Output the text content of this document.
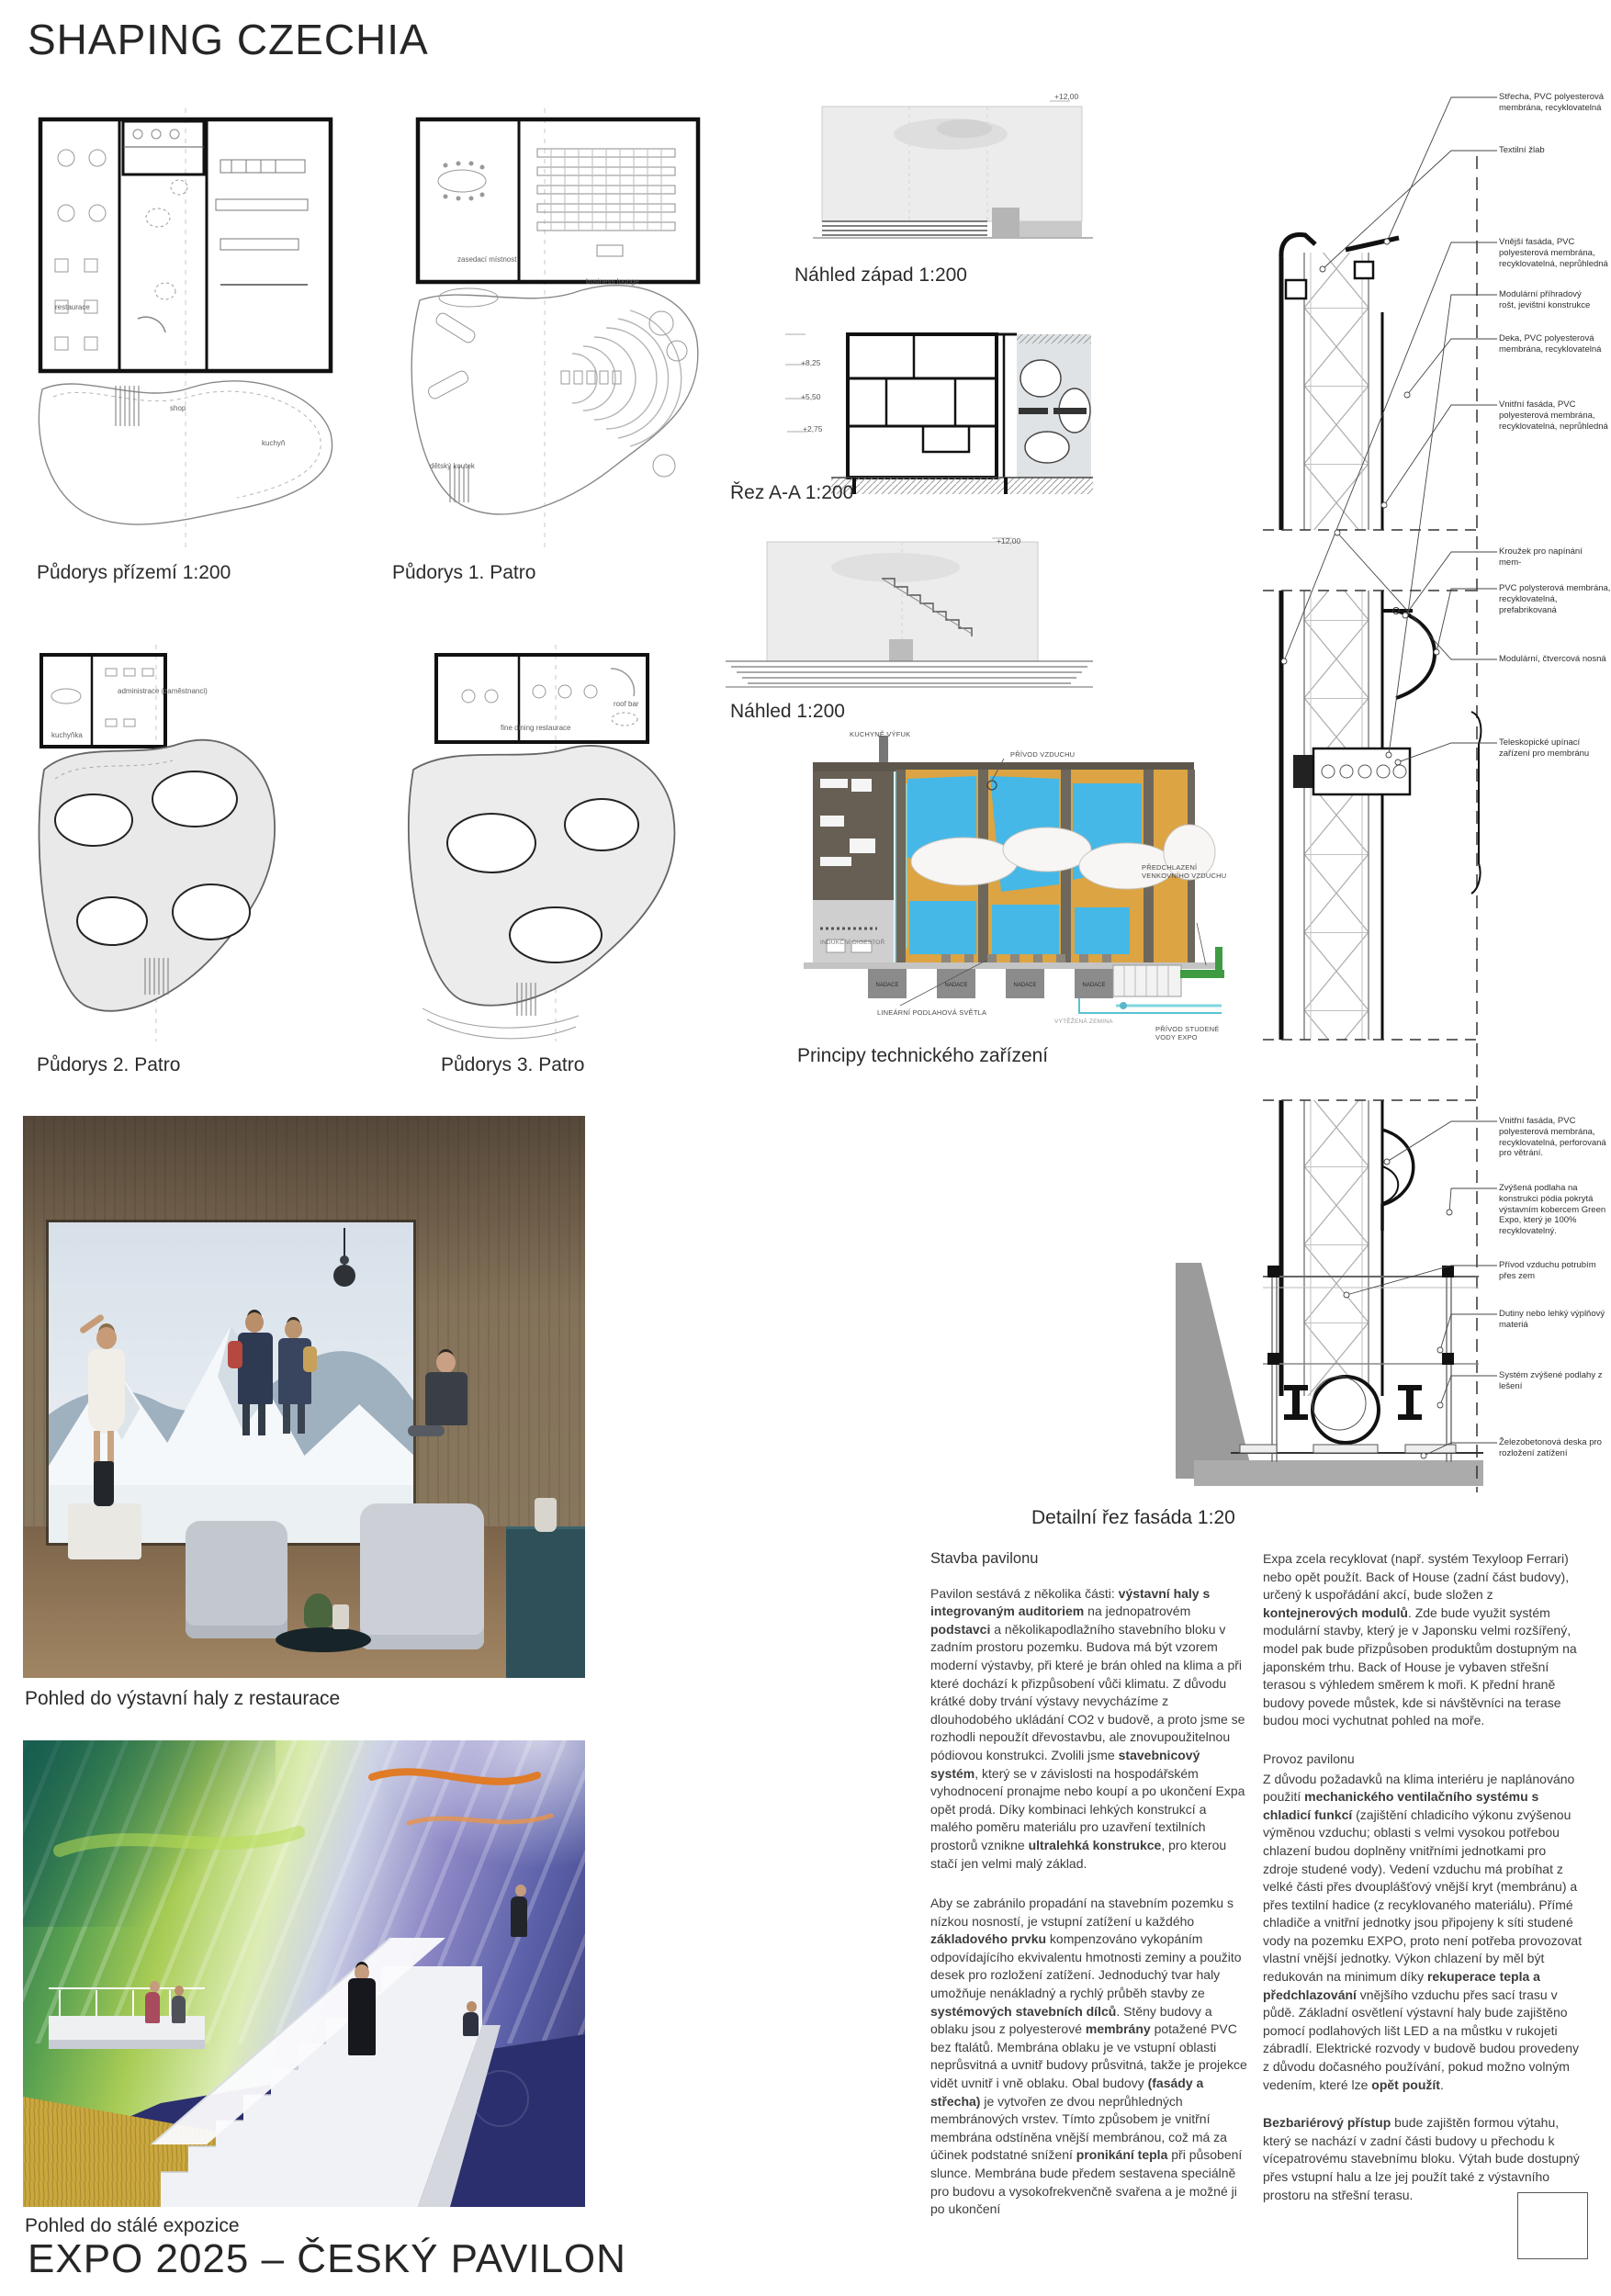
SHAPING CZECHIA
restaurace
shop
kuchyň
Půdorys přízemí 1:200
zasedací místnost
business lounge
dětský koutek
Půdorys 1. Patro
administrace (zaměstnanci)
kuchyňka
Půdorys 2. Patro
fine dining restaurace
roof bar
Půdorys 3. Patro
+12,00
Náhled západ 1:200
+8,25
+5,50
+2,75
Řez A-A 1:200
+12,00
Náhled 1:200
NADACE	NADACE	NADACE	NADACE
KUCHYNĚ VÝFUK
PŘÍVOD VZDUCHU
PŘEDCHLAZENÍ VENKOVNÍHO VZDUCHU
LINEÁRNÍ PODLAHOVÁ SVĚTLA
PŘÍVOD STUDENÉ VODY EXPO
VYTĚŽENÁ ZEMINA
INDUKČNÍ DIGESTOŘ
Principy technického zařízení
Střecha, PVC polyesterová membrána, recyklovatelná
Textilní žlab
Vnější fasáda, PVC polyesterová membrána, recyklovatelná, neprůhledná
Modulární příhradový rošt, jevištní konstrukce
Deka, PVC polyesterová membrána, recyklovatelná
Vnitřní fasáda, PVC polyesterová membrána, recyklovatelná, neprůhledná
Kroužek pro napínání mem-
PVC polysterová membrána, recyklovatelná, prefabrikovaná
Modulární, čtvercová nosná
Teleskopické upínací zařízení pro membránu
Vnitřní fasáda, PVC polyesterová membrána, recyklovatelná, perforovaná pro větrání.
Zvýšená podlaha na konstrukci pódia pokrytá výstavním kobercem Green Expo, který je 100% recyklovatelný.
Přívod vzduchu potrubím přes zem
Dutiny nebo lehký výplňový materiá
Systém zvýšené podlahy z lešení
Železobetonová deska pro rozložení zatížení
Detailní řez fasáda 1:20
Pohled do výstavní haly z restaurace
Pohled do stálé expozice
Stavba pavilonu

Pavilon sestává z několika části: výstavní haly s integrovaným auditoriem na jednopatrovém podstavci a několikapodlažního stavebního bloku v zadním prostoru pozemku. Budova má být vzorem moderní výstavby, při které je brán ohled na klima a při které dochází k přizpůsobení vůči klimatu. Z důvodu krátké doby trvání výstavy nevycházíme z dlouhodobého ukládání CO2 v budově, a proto jsme se rozhodli nepoužít dřevostavbu, ale znovupoužitelnou pódiovou konstrukci. Zvolili jsme stavebnicový systém, který se v závislosti na hospodářském vyhodnocení pronajme nebo koupí a po ukončení Expa opět prodá. Díky kombinaci lehkých konstrukcí a malého poměru materiálu pro uzavření textilních prostorů vznikne ultralehká konstrukce, pro kterou stačí jen velmi malý základ.

Aby se zabránilo propadání na stavebním pozemku s nízkou nosností, je vstupní zatížení u každého základového prvku kompenzováno vykopáním odpovídajícího ekvivalentu hmotnosti zeminy a použito desek pro rozložení zatížení. Jednoduchý tvar haly umožňuje nenákladný a rychlý průběh stavby ze systémových stavebních dílců. Stěny budovy a oblaku jsou z polyesterové membrány potažené PVC bez ftalátů. Membrána oblaku je ve vstupní oblasti neprůsvitná a uvnitř budovy průsvitná, takže je projekce vidět uvnitř i vně oblaku. Obal budovy (fasády a střecha) je vytvořen ze dvou neprůhledných membránových vrstev. Tímto způsobem je vnitřní membrána odstíněna vnější membránou, což má za účinek podstatné snížení pronikání tepla při působení slunce. Membrána bude předem sestavena speciálně pro budovu a vysokofrekvenčně svařena a je možné ji po ukončení

Expa zcela recyklovat (např. systém Texyloop Ferrari) nebo opět použít. Back of House (zadní část budovy), určený k uspořádání akcí, bude složen z kontejnerových modulů. Zde bude využit systém modulární stavby, který je v Japonsku velmi rozšířený, model pak bude přizpůsoben produktům dostupným na japonském trhu. Back of House je vybaven střešní terasou s výhledem směrem k moři. K přední hraně budovy povede můstek, kde si návštěvníci na terase budou moci vychutnat pohled na moře.

Provoz pavilonu

Z důvodu požadavků na klima interiéru je naplánováno použití mechanického ventilačního systému s chladicí funkcí (zajištění chladicího výkonu zvýšenou výměnou vzduchu; oblasti s velmi vysokou potřebou chlazení budou doplněny vnitřními jednotkami pro zdroje studené vody). Vedení vzduchu má probíhat z velké části přes dvouplášťový vnější kryt (membránu) a přes textilní hadice (z recyklovaného materiálu). Přímé chladiče a vnitřní jednotky jsou připojeny k síti studené vody na pozemku EXPO, proto není potřeba provozovat vlastní vnější jednotky. Výkon chlazení by měl být redukován na minimum díky rekuperace tepla a předchlazování vnějšího vzduchu přes sací trasu v půdě. Základní osvětlení výstavní haly bude zajištěno pomocí podlahových lišt LED a na můstku v rukojeti zábradlí. Elektrické rozvody v budově budou provedeny z důvodu dočasného používání, pokud možno volným vedením, které lze opět použít.

Bezbariérový přístup bude zajištěn formou výtahu, který se nachází v zadní části budovy u přechodu k vícepatrovému stavebnímu bloku. Výtah bude dostupný přes vstupní halu a lze jej použít také z výstavního prostoru na střešní terasu.

EXPO 2025 – ČESKÝ PAVILON
